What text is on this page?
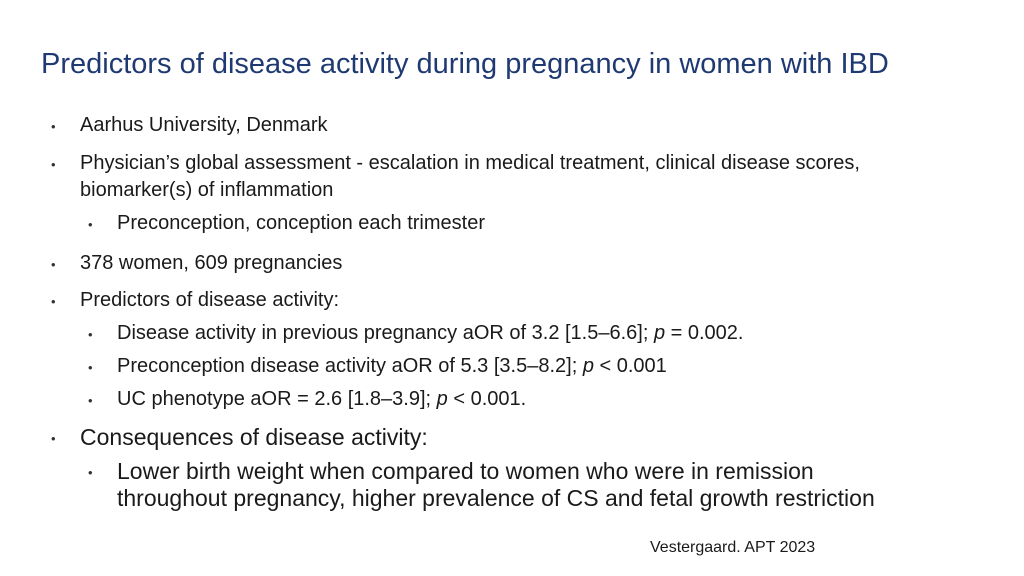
Predictors of disease activity during pregnancy in women with IBD
• Aarhus University, Denmark
• Physician’s global assessment - escalation in medical treatment, clinical disease scores,
biomarker(s) of inflammation
• Preconception, conception each trimester
• 378 women, 609 pregnancies
• Predictors of disease activity:
• Disease activity in previous pregnancy aOR of 3.2 [1.5–6.6]; p = 0.002.
• Preconception disease activity aOR of 5.3 [3.5–8.2]; p < 0.001
• UC phenotype aOR = 2.6 [1.8–3.9]; p < 0.001.
• Consequences of disease activity:
• Lower birth weight when compared to women who were in remission
throughout pregnancy, higher prevalence of CS and fetal growth restriction
Vestergaard. APT 2023
